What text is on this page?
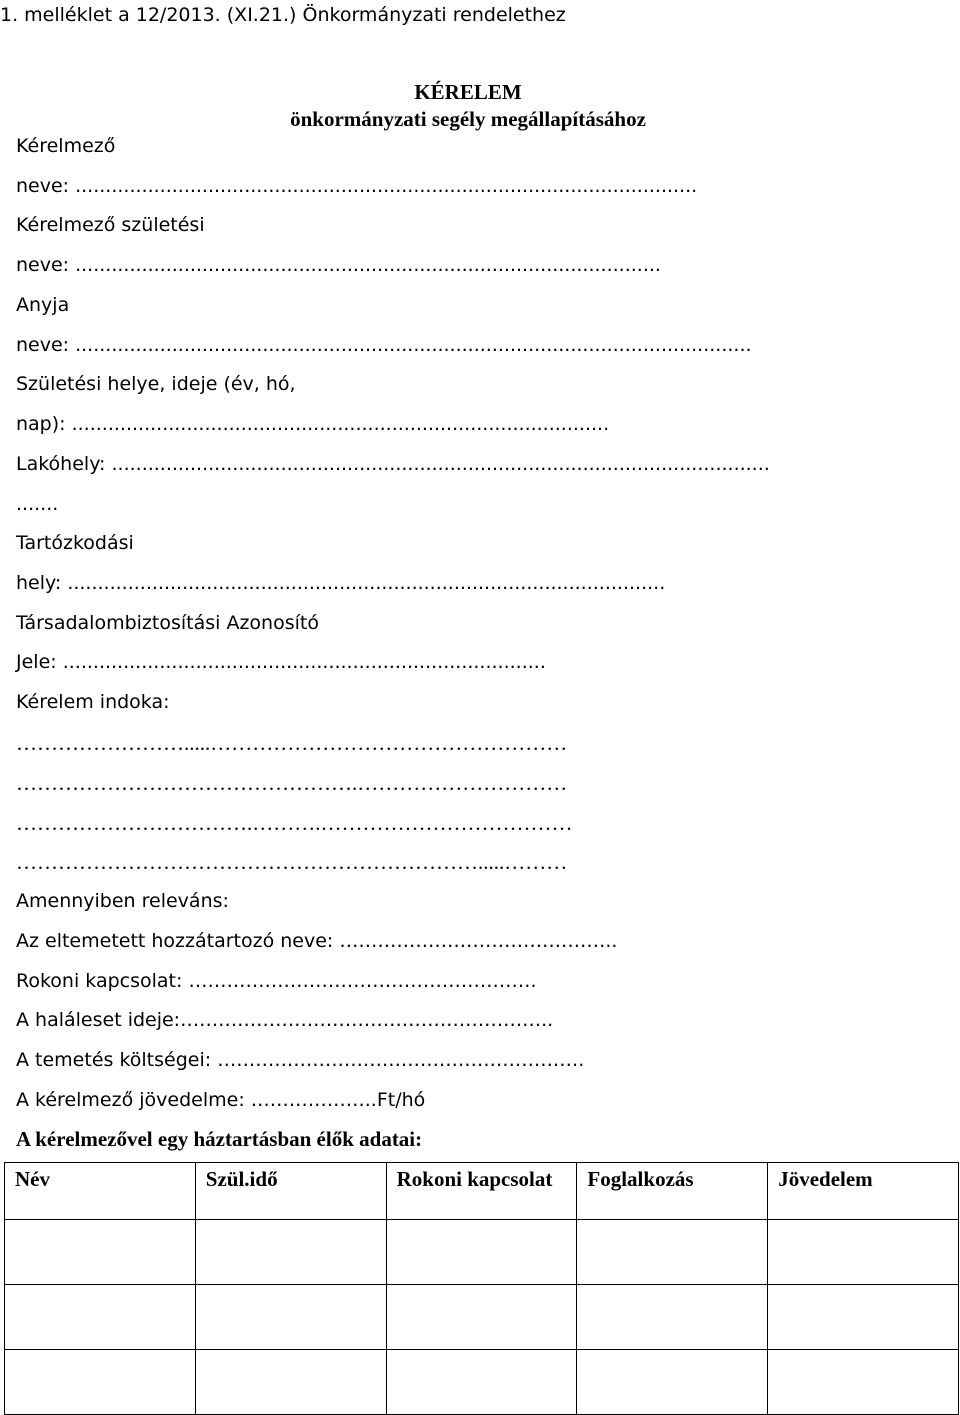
1. melléklet a 12/2013. (XI.21.) Önkormányzati rendelethez
KÉRELEM
önkormányzati segély megállapításához
Kérelmező
neve: .......................................................................................................
Kérelmező születési
neve: .................................................................................................
Anyja
neve: ................................................................................................................
Születési helye, ideje (év, hó,
nap): .........................................................................................
Lakóhely: .............................................................................................................
.......
Tartózkodási
hely: ...................................................................................................
Társadalombiztosítási Azonosító
Jele: ................................................................................
Kérelem indoka:
…………………….....……………………………………………
………………………………………….…………………………
…………………………….……….………………………………
………………………………………………………….....………
Amennyiben releváns:
Az eltemetett hozzátartozó neve: ……………………………………..
Rokoni kapcsolat: ……………………………………………….
A haláleset ideje:…………………………………………………..
A temetés költségei: ………………………………………………….
A kérelmező jövedelme: ………………..Ft/hó
A kérelmezővel egy háztartásban élők adatai:
Név	Szül.idő	Rokoni kapcsolat	Foglalkozás	Jövedelem
